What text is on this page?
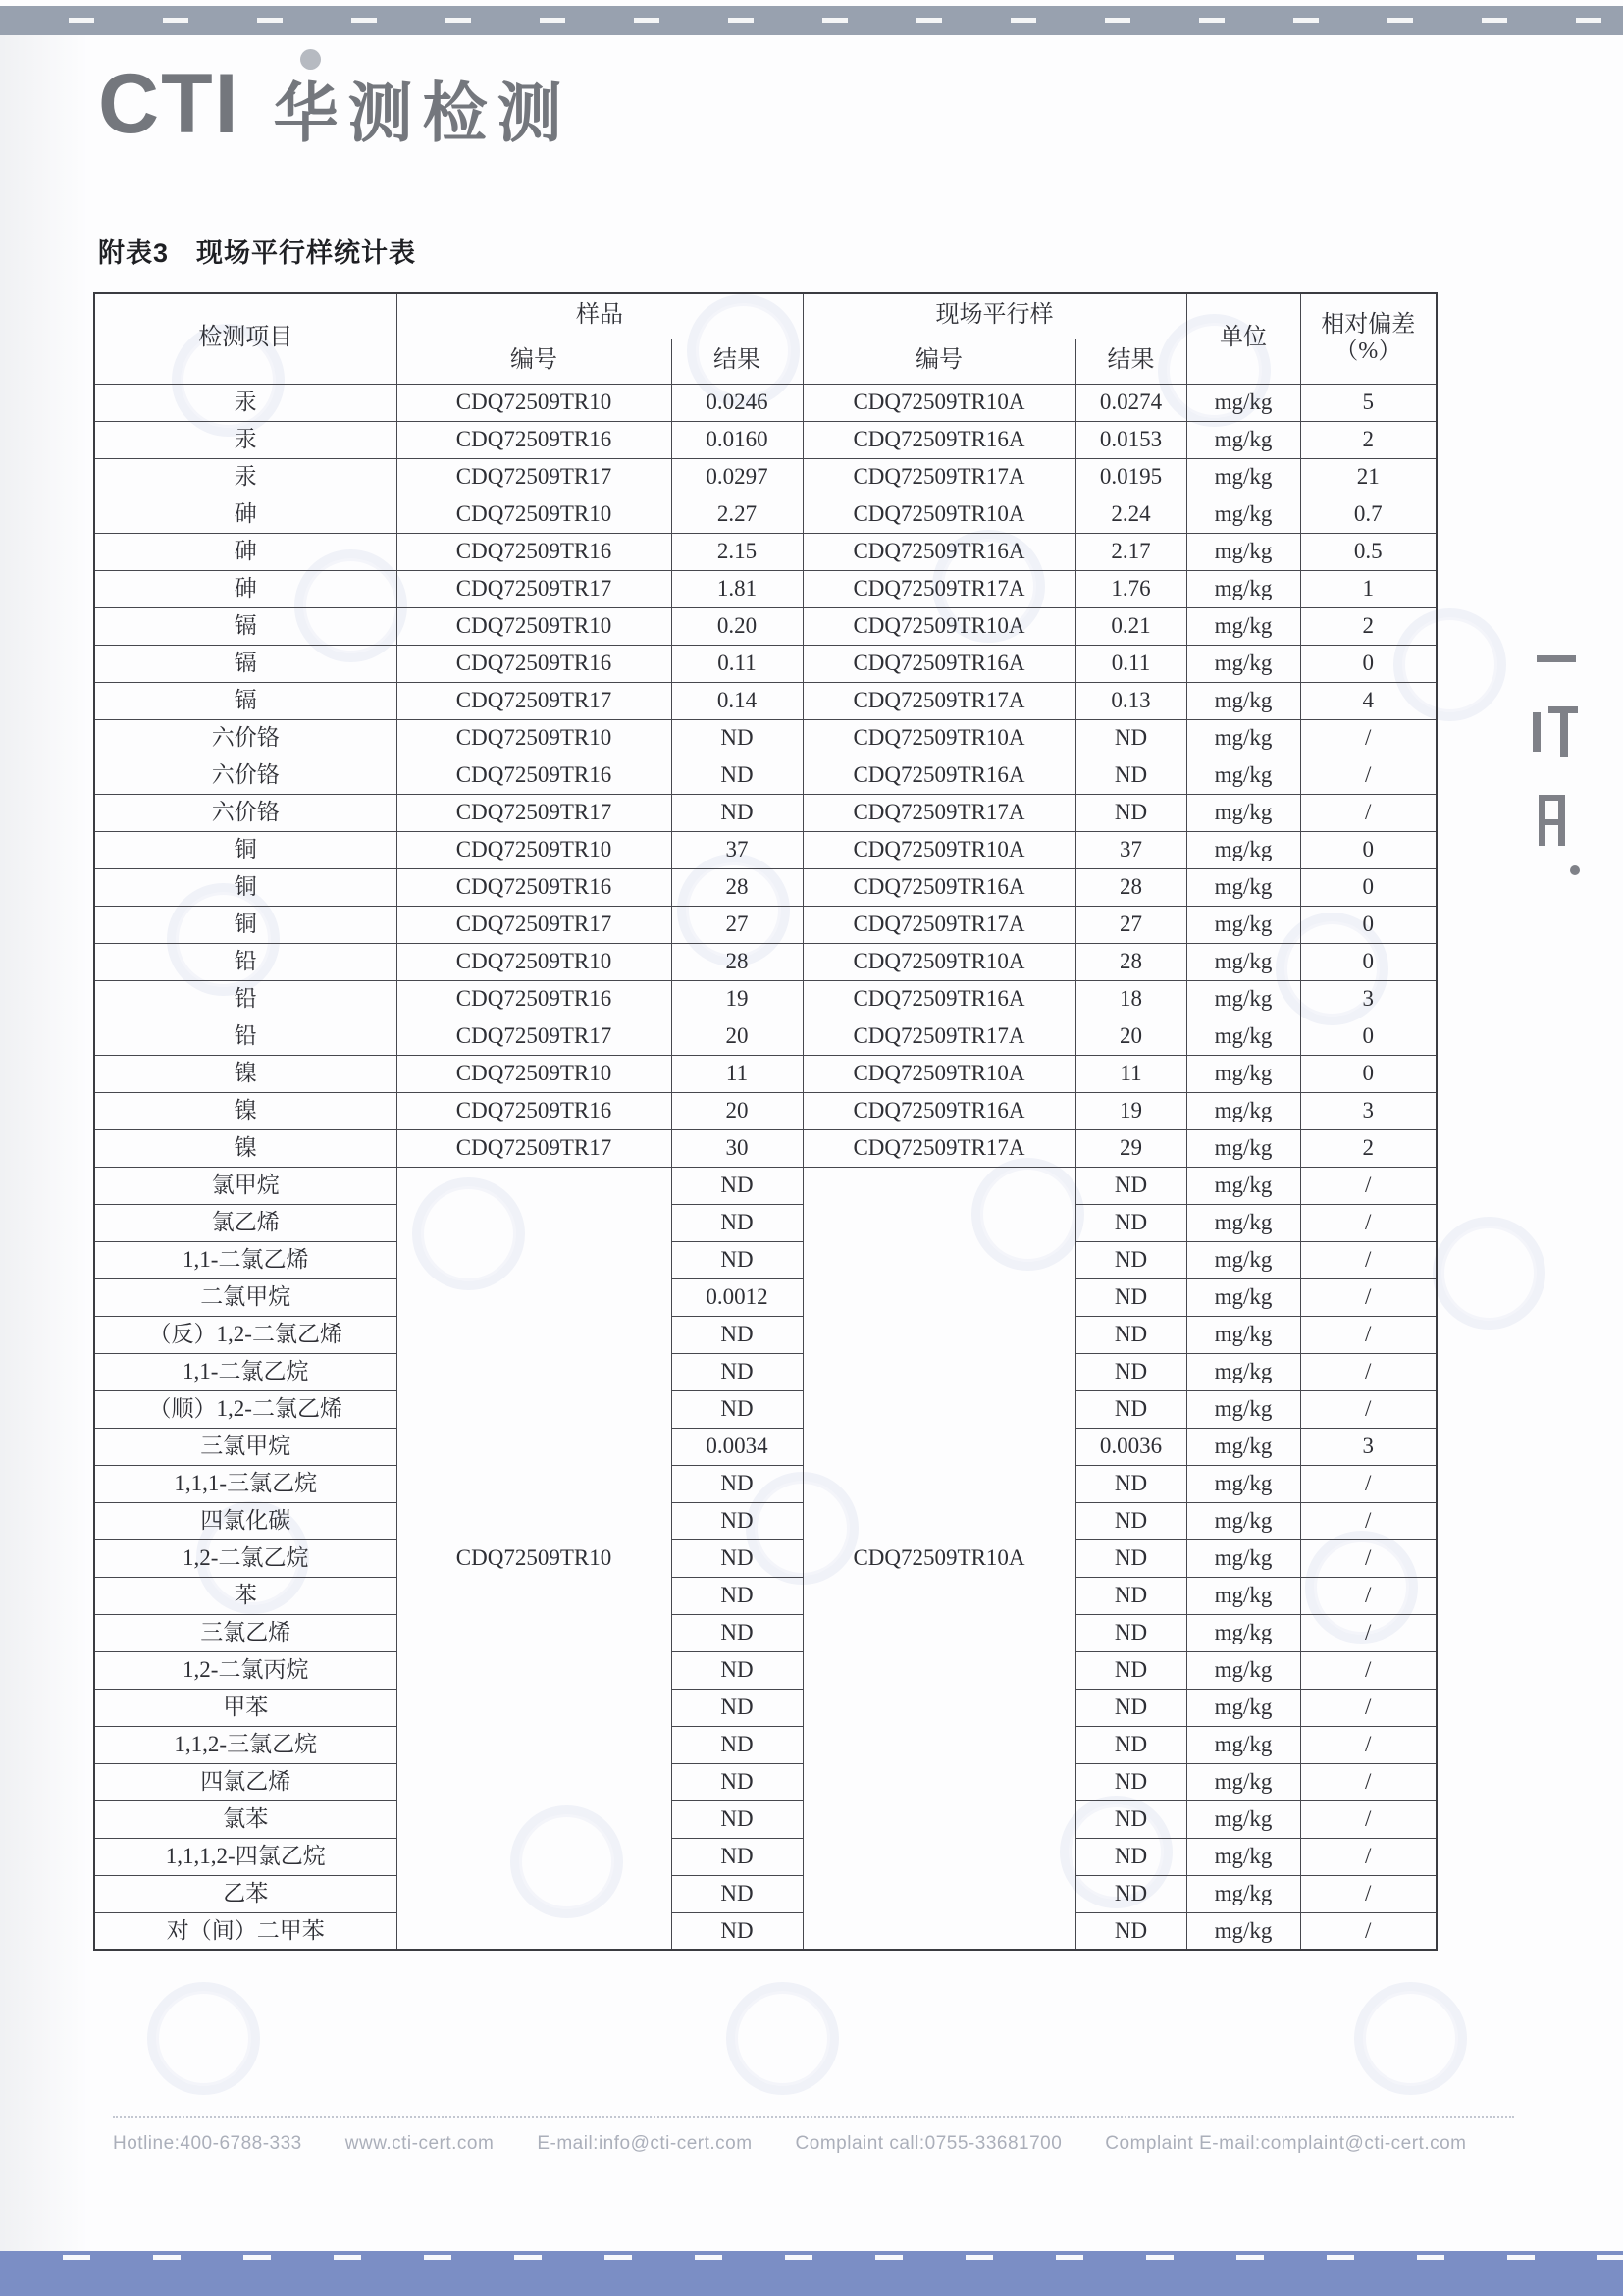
CTI 华测检测
附表3　现场平行样统计表
检测项目	样品		现场平行样		单位	相对偏差
（%）

	编号	结果	编号	结果		
汞	CDQ72509TR10	0.0246	CDQ72509TR10A	0.0274	mg/kg	5
汞	CDQ72509TR16	0.0160	CDQ72509TR16A	0.0153	mg/kg	2
汞	CDQ72509TR17	0.0297	CDQ72509TR17A	0.0195	mg/kg	21
砷	CDQ72509TR10	2.27	CDQ72509TR10A	2.24	mg/kg	0.7
砷	CDQ72509TR16	2.15	CDQ72509TR16A	2.17	mg/kg	0.5
砷	CDQ72509TR17	1.81	CDQ72509TR17A	1.76	mg/kg	1
镉	CDQ72509TR10	0.20	CDQ72509TR10A	0.21	mg/kg	2
镉	CDQ72509TR16	0.11	CDQ72509TR16A	0.11	mg/kg	0
镉	CDQ72509TR17	0.14	CDQ72509TR17A	0.13	mg/kg	4
六价铬	CDQ72509TR10	ND	CDQ72509TR10A	ND	mg/kg	/
六价铬	CDQ72509TR16	ND	CDQ72509TR16A	ND	mg/kg	/
六价铬	CDQ72509TR17	ND	CDQ72509TR17A	ND	mg/kg	/
铜	CDQ72509TR10	37	CDQ72509TR10A	37	mg/kg	0
铜	CDQ72509TR16	28	CDQ72509TR16A	28	mg/kg	0
铜	CDQ72509TR17	27	CDQ72509TR17A	27	mg/kg	0
铅	CDQ72509TR10	28	CDQ72509TR10A	28	mg/kg	0
铅	CDQ72509TR16	19	CDQ72509TR16A	18	mg/kg	3
铅	CDQ72509TR17	20	CDQ72509TR17A	20	mg/kg	0
镍	CDQ72509TR10	11	CDQ72509TR10A	11	mg/kg	0
镍	CDQ72509TR16	20	CDQ72509TR16A	19	mg/kg	3
镍	CDQ72509TR17	30	CDQ72509TR17A	29	mg/kg	2
氯甲烷	CDQ72509TR10	ND	CDQ72509TR10A	ND	mg/kg	/
氯乙烯		ND		ND	mg/kg	/
1,1-二氯乙烯		ND		ND	mg/kg	/
二氯甲烷		0.0012		ND	mg/kg	/
（反）1,2-二氯乙烯		ND		ND	mg/kg	/
1,1-二氯乙烷		ND		ND	mg/kg	/
（顺）1,2-二氯乙烯		ND		ND	mg/kg	/
三氯甲烷		0.0034		0.0036	mg/kg	3
1,1,1-三氯乙烷		ND		ND	mg/kg	/
四氯化碳		ND		ND	mg/kg	/
1,2-二氯乙烷		ND		ND	mg/kg	/
苯		ND		ND	mg/kg	/
三氯乙烯		ND		ND	mg/kg	/
1,2-二氯丙烷		ND		ND	mg/kg	/
甲苯		ND		ND	mg/kg	/
1,1,2-三氯乙烷		ND		ND	mg/kg	/
四氯乙烯		ND		ND	mg/kg	/
氯苯		ND		ND	mg/kg	/
1,1,1,2-四氯乙烷		ND		ND	mg/kg	/
乙苯		ND		ND	mg/kg	/
对（间）二甲苯		ND		ND	mg/kg	/
Hotline:400-6788-333 www.cti-cert.com E-mail:info@cti-cert.com Complaint call:0755-33681700 Complaint E-mail:complaint@cti-cert.com
